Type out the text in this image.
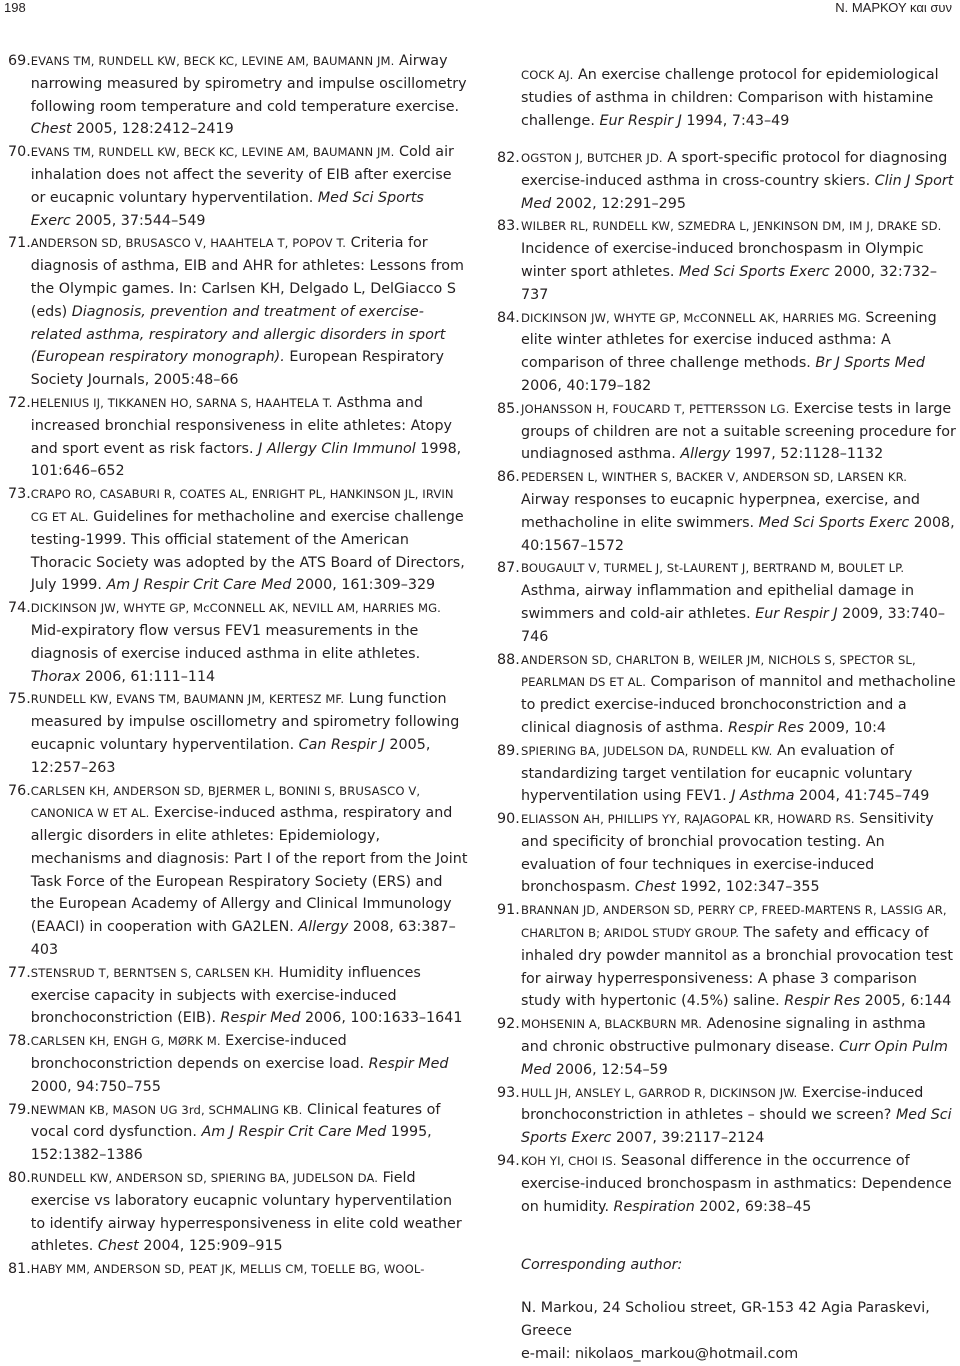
198	N. ΜΑΡΚΟΥ και συν
69. EVANS TM, RUNDELL KW, BECK KC, LEVINE AM, BAUMANN JM. Airway narrowing measured by spirometry and impulse oscillometry following room temperature and cold temperature exercise. Chest 2005, 128:2412–2419
70. EVANS TM, RUNDELL KW, BECK KC, LEVINE AM, BAUMANN JM. Cold air inhalation does not affect the severity of EIB after exercise or eucapnic voluntary hyperventilation. Med Sci Sports Exerc 2005, 37:544–549
71. ANDERSON SD, BRUSASCO V, HAAHTELA T, POPOV T. Criteria for diagnosis of asthma, EIB and AHR for athletes: Lessons from the Olympic games. In: Carlsen KH, Delgado L, DelGiacco S (eds) Diagnosis, prevention and treatment of exercise-related asthma, respiratory and allergic disorders in sport (European respiratory monograph). European Respiratory Society Journals, 2005:48–66
72. HELENIUS IJ, TIKKANEN HO, SARNA S, HAAHTELA T. Asthma and increased bronchial responsiveness in elite athletes: Atopy and sport event as risk factors. J Allergy Clin Immunol 1998, 101:646–652
73. CRAPO RO, CASABURI R, COATES AL, ENRIGHT PL, HANKINSON JL, IRVIN CG ET AL. Guidelines for methacholine and exercise challenge testing-1999. This official statement of the American Thoracic Society was adopted by the ATS Board of Directors, July 1999. Am J Respir Crit Care Med 2000, 161:309–329
74. DICKINSON JW, WHYTE GP, McCONNELL AK, NEVILL AM, HARRIES MG. Mid-expiratory flow versus FEV1 measurements in the diagnosis of exercise induced asthma in elite athletes. Thorax 2006, 61:111–114
75. RUNDELL KW, EVANS TM, BAUMANN JM, KERTESZ MF. Lung function measured by impulse oscillometry and spirometry following eucapnic voluntary hyperventilation. Can Respir J 2005, 12:257–263
76. CARLSEN KH, ANDERSON SD, BJERMER L, BONINI S, BRUSASCO V, CANONICA W ET AL. Exercise-induced asthma, respiratory and allergic disorders in elite athletes: Epidemiology, mechanisms and diagnosis: Part I of the report from the Joint Task Force of the European Respiratory Society (ERS) and the European Academy of Allergy and Clinical Immunology (EAACI) in cooperation with GA2LEN. Allergy 2008, 63:387–403
77. STENSRUD T, BERNTSEN S, CARLSEN KH. Humidity influences exercise capacity in subjects with exercise-induced bronchoconstriction (EIB). Respir Med 2006, 100:1633–1641
78. CARLSEN KH, ENGH G, MØRK M. Exercise-induced bronchoconstriction depends on exercise load. Respir Med 2000, 94:750–755
79. NEWMAN KB, MASON UG 3rd, SCHMALING KB. Clinical features of vocal cord dysfunction. Am J Respir Crit Care Med 1995, 152:1382–1386
80. RUNDELL KW, ANDERSON SD, SPIERING BA, JUDELSON DA. Field exercise vs laboratory eucapnic voluntary hyperventilation to identify airway hyperresponsiveness in elite cold weather athletes. Chest 2004, 125:909–915
81. HABY MM, ANDERSON SD, PEAT JK, MELLIS CM, TOELLE BG, WOOL-

COCK AJ. An exercise challenge protocol for epidemiological studies of asthma in children: Comparison with histamine challenge. Eur Respir J 1994, 7:43–49

82. OGSTON J, BUTCHER JD. A sport-specific protocol for diagnosing exercise-induced asthma in cross-country skiers. Clin J Sport Med 2002, 12:291–295
83. WILBER RL, RUNDELL KW, SZMEDRA L, JENKINSON DM, IM J, DRAKE SD. Incidence of exercise-induced bronchospasm in Olympic winter sport athletes. Med Sci Sports Exerc 2000, 32:732–737
84. DICKINSON JW, WHYTE GP, McCONNELL AK, HARRIES MG. Screening elite winter athletes for exercise induced asthma: A comparison of three challenge methods. Br J Sports Med 2006, 40:179–182
85. JOHANSSON H, FOUCARD T, PETTERSSON LG. Exercise tests in large groups of children are not a suitable screening procedure for undiagnosed asthma. Allergy 1997, 52:1128–1132
86. PEDERSEN L, WINTHER S, BACKER V, ANDERSON SD, LARSEN KR. Airway responses to eucapnic hyperpnea, exercise, and methacholine in elite swimmers. Med Sci Sports Exerc 2008, 40:1567–1572
87. BOUGAULT V, TURMEL J, St-LAURENT J, BERTRAND M, BOULET LP. Asthma, airway inflammation and epithelial damage in swimmers and cold-air athletes. Eur Respir J 2009, 33:740–746
88. ANDERSON SD, CHARLTON B, WEILER JM, NICHOLS S, SPECTOR SL, PEARLMAN DS ET AL. Comparison of mannitol and methacholine to predict exercise-induced bronchoconstriction and a clinical diagnosis of asthma. Respir Res 2009, 10:4
89. SPIERING BA, JUDELSON DA, RUNDELL KW. An evaluation of standardizing target ventilation for eucapnic voluntary hyperventilation using FEV1. J Asthma 2004, 41:745–749
90. ELIASSON AH, PHILLIPS YY, RAJAGOPAL KR, HOWARD RS. Sensitivity and specificity of bronchial provocation testing. An evaluation of four techniques in exercise-induced bronchospasm. Chest 1992, 102:347–355
91. BRANNAN JD, ANDERSON SD, PERRY CP, FREED-MARTENS R, LASSIG AR, CHARLTON B; ARIDOL STUDY GROUP. The safety and efficacy of inhaled dry powder mannitol as a bronchial provocation test for airway hyperresponsiveness: A phase 3 comparison study with hypertonic (4.5%) saline. Respir Res 2005, 6:144
92. MOHSENIN A, BLACKBURN MR. Adenosine signaling in asthma and chronic obstructive pulmonary disease. Curr Opin Pulm Med 2006, 12:54–59
93. HULL JH, ANSLEY L, GARROD R, DICKINSON JW. Exercise-induced bronchoconstriction in athletes – should we screen? Med Sci Sports Exerc 2007, 39:2117–2124
94. KOH YI, CHOI IS. Seasonal difference in the occurrence of exercise-induced bronchospasm in asthmatics: Dependence on humidity. Respiration 2002, 69:38–45
Corresponding author:
N. Markou, 24 Scholiou street, GR-153 42 Agia Paraskevi, Greece
e-mail: nikolaos_markou@hotmail.com
